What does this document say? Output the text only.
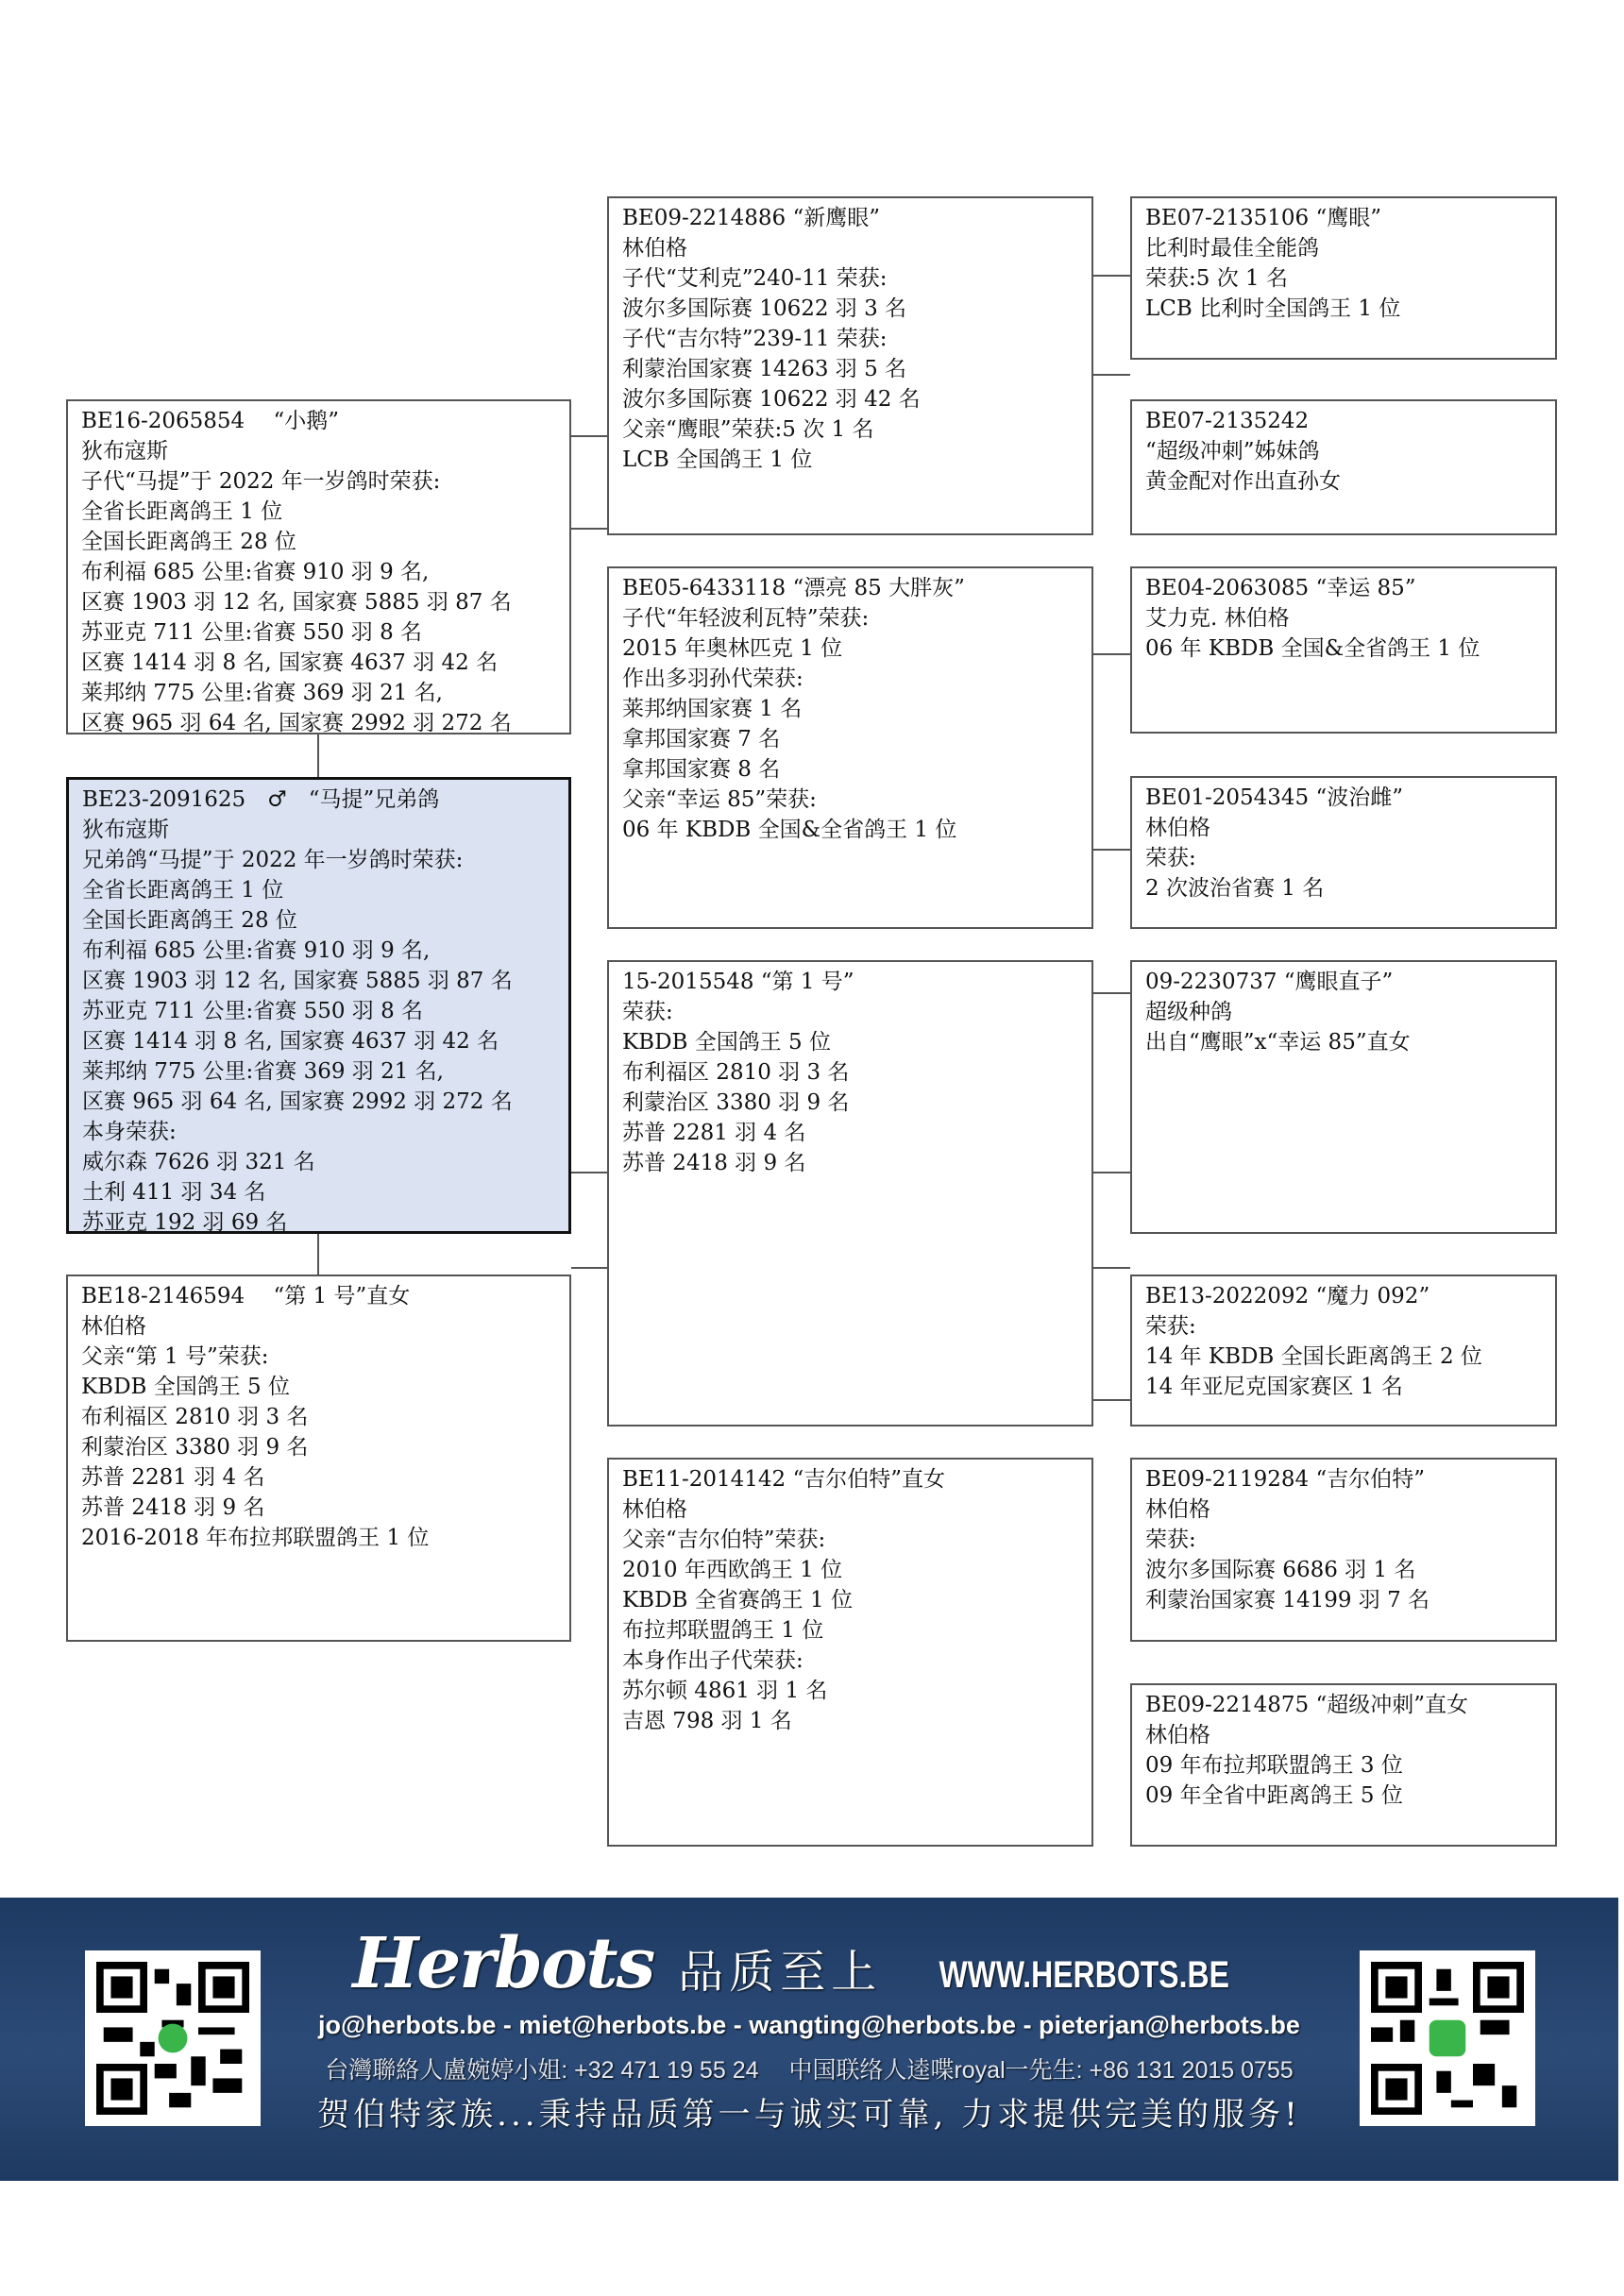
BE16-2065854　 “小鹅”
狄布寇斯
子代“马提”于 2022 年一岁鸽时荣获:
全省长距离鸽王 1 位
全国长距离鸽王 28 位
布利福 685 公里:省赛 910 羽 9 名,
区赛 1903 羽 12 名, 国家赛 5885 羽 87 名
苏亚克 711 公里:省赛 550 羽 8 名
区赛 1414 羽 8 名, 国家赛 4637 羽 42 名
莱邦纳 775 公里:省赛 369 羽 21 名,
区赛 965 羽 64 名, 国家赛 2992 羽 272 名
BE23-2091625　♂　“马提”兄弟鸽
狄布寇斯
兄弟鸽“马提”于 2022 年一岁鸽时荣获:
全省长距离鸽王 1 位
全国长距离鸽王 28 位
布利福 685 公里:省赛 910 羽 9 名,
区赛 1903 羽 12 名, 国家赛 5885 羽 87 名
苏亚克 711 公里:省赛 550 羽 8 名
区赛 1414 羽 8 名, 国家赛 4637 羽 42 名
莱邦纳 775 公里:省赛 369 羽 21 名,
区赛 965 羽 64 名, 国家赛 2992 羽 272 名
本身荣获:
威尔森 7626 羽 321 名
土利 411 羽 34 名
苏亚克 192 羽 69 名
BE18-2146594　 “第 1 号”直女
林伯格
父亲“第 1 号”荣获:
KBDB 全国鸽王 5 位
布利福区 2810 羽 3 名
利蒙治区 3380 羽 9 名
苏普 2281 羽 4 名
苏普 2418 羽 9 名
2016-2018 年布拉邦联盟鸽王 1 位
BE09-2214886 “新鹰眼”
林伯格
子代“艾利克”240-11 荣获:
波尔多国际赛 10622 羽 3 名
子代“吉尔特”239-11 荣获:
利蒙治国家赛 14263 羽 5 名
波尔多国际赛 10622 羽 42 名
父亲“鹰眼”荣获:5 次 1 名
LCB 全国鸽王 1 位
BE05-6433118 “漂亮 85 大胖灰”
子代“年轻波利瓦特”荣获:
2015 年奥林匹克 1 位
作出多羽孙代荣获:
莱邦纳国家赛 1 名
拿邦国家赛 7 名
拿邦国家赛 8 名
父亲“幸运 85”荣获:
06 年 KBDB 全国&全省鸽王 1 位
15-2015548 “第 1 号”
荣获:
KBDB 全国鸽王 5 位
布利福区 2810 羽 3 名
利蒙治区 3380 羽 9 名
苏普 2281 羽 4 名
苏普 2418 羽 9 名
BE11-2014142 “吉尔伯特”直女
林伯格
父亲“吉尔伯特”荣获:
2010 年西欧鸽王 1 位
KBDB 全省赛鸽王 1 位
布拉邦联盟鸽王 1 位
本身作出子代荣获:
苏尔顿 4861 羽 1 名
吉恩 798 羽 1 名
BE07-2135106 “鹰眼”
比利时最佳全能鸽
荣获:5 次 1 名
LCB 比利时全国鸽王 1 位
BE07-2135242
“超级冲刺”姊妹鸽
黄金配对作出直孙女
BE04-2063085 “幸运 85”
艾力克. 林伯格
06 年 KBDB 全国&全省鸽王 1 位
BE01-2054345 “波治雌”
林伯格
荣获:
2 次波治省赛 1 名
09-2230737 “鹰眼直子”
超级种鸽
出自“鹰眼”x“幸运 85”直女
BE13-2022092 “魔力 092”
荣获:
14 年 KBDB 全国长距离鸽王 2 位
14 年亚尼克国家赛区 1 名
BE09-2119284 “吉尔伯特”
林伯格
荣获:
波尔多国际赛 6686 羽 1 名
利蒙治国家赛 14199 羽 7 名
BE09-2214875 “超级冲刺”直女
林伯格
09 年布拉邦联盟鸽王 3 位
09 年全省中距离鸽王 5 位
Herbots 品质至上 WWW.HERBOTS.BE
jo@herbots.be - miet@herbots.be - wangting@herbots.be - pieterjan@herbots.be
台灣聯絡人盧婉婷小姐: +32 471 19 55 24　 中国联络人逵喋royal一先生: +86 131 2015 0755
贺伯特家族...秉持品质第一与诚实可靠, 力求提供完美的服务!
